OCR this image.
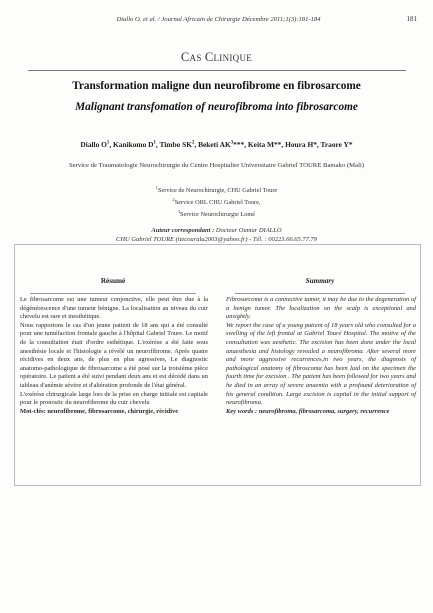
Diallo O. et al. / Journal Africain de Chirurgie Décembre 2011;1(3):181-184	181
CAS CLINIQUE
Transformation maligne dun neurofibrome en fibrosarcome
Malignant transfomation of neurofibroma into fibrosarcome
Diallo $O^1$, Kanikomo $D^1$, Timbo $SK^2$, Beketi $AK^3***$, Keita M**, Houra H*, Traore Y*
Service de Traumatologie Neurochirurgie du Centre Hospitalier Universitaire Gabriel TOURE Bamako (Mali)
$^1$Service de Neurochirurgie, CHU Gabriel Toure
$^2$Service ORL CHU Gabriel Toure,
$^3$Service Neurochirurgie Lomé
Auteur correspondant : Docteur Oumar DIALLO
CHU Gabriel TOURE (tiecourala2003@yahoo.fr) - Tél. : 00223.66.65.77.79
Résumé	Summary

Le fibrosarcome est une tumeur conjonctive, elle peut être due à la dégénérescence d'une tumeur bénigne. La localisation au niveau du cuir chevelu est rare et inesthétique.

Nous rapportons le cas d'un jeune patient de 18 ans qui a été consulté pour une tuméfaction frontale gauche à l'hôpital Gabriel Toure. Le motif de la consultation était d'ordre esthétique. L'exérèse a été faite sous anesthésie locale et l'histologie a révélé un neurofibrome. Après quatre récidives en deux ans, de plus en plus agressives, Le diagnostic anatomo-pathologique de fibrosarcome a été posé sur la troisième pièce opératoire. Le patient a été suivi pendant deux ans et est décédé dans un tableau d'anémie sévère et d'altération profonde de l'état général.

L'exérèse chirurgicale large lors de la prise en charge initiale est capitale pour le pronostic du neurofibrome du cuir chevelu

Mot-clés: neurofibrome, fibrosarcome, chirurgie, récidive

Fibrosarcoma is a connective tumor, it may be due to the degeneration of a benign tumor. The localization on the scalp is exceptional and unsightly.

We report the case of a young patient of 18 years old who consulted for a swelling of the left frontal at Gabriel Touré Hospital. The motive of the consultation was aesthetic. The excision has been done under the local anaesthesia and histology revealed a neurofibroma. After several more and more aggressive recurrences,in two years, the diagnosis of pathological anatomy of fibroscoma has been laid on the specimen the fourth time for excision . The patient has been followed for two years and he died in an array of severe anaemia with a profound deterioration of his general condition. Large excision is capital in the initial support of neurofibroma.

Key words : neurofibroma, fibrosarcoma, surgery, recurrence
